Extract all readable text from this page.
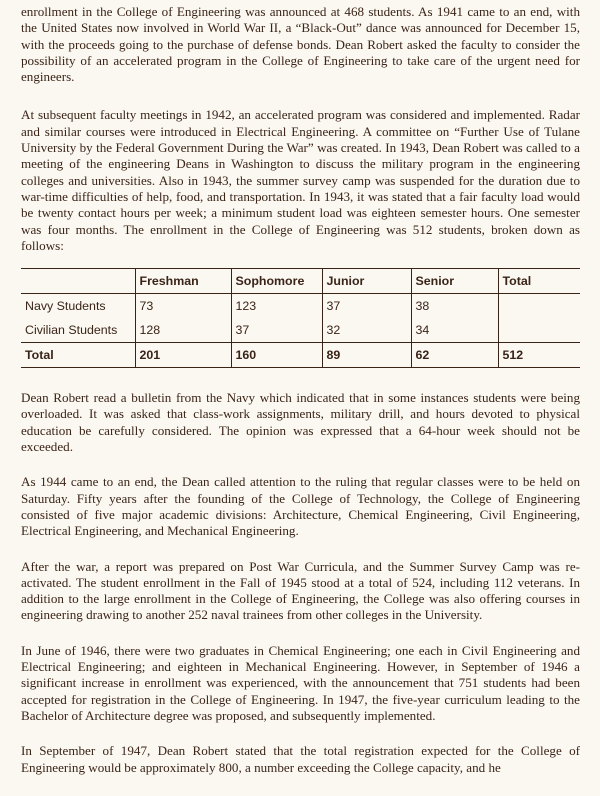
enrollment in the College of Engineering was announced at 468 students. As 1941 came to an end, with the United States now involved in World War II, a “Black-Out” dance was announced for December 15, with the proceeds going to the purchase of defense bonds. Dean Robert asked the faculty to consider the possibility of an accelerated program in the College of Engineering to take care of the urgent need for engineers.

At subsequent faculty meetings in 1942, an accelerated program was considered and implemented. Radar and similar courses were introduced in Electrical Engineering. A committee on “Further Use of Tulane University by the Federal Government During the War” was created. In 1943, Dean Robert was called to a meeting of the engineering Deans in Washington to discuss the military program in the engineering colleges and universities. Also in 1943, the summer survey camp was suspended for the duration due to war-time difficulties of help, food, and transportation. In 1943, it was stated that a fair faculty load would be twenty contact hours per week; a minimum student load was eighteen semester hours. One semester was four months. The enrollment in the College of Engineering was 512 students, broken down as follows:

	Freshman	Sophomore	Junior	Senior	Total
Navy Students	73	123	37	38	
Civilian Students	128	37	32	34	
Total	201	160	89	62	512

Dean Robert read a bulletin from the Navy which indicated that in some instances students were being overloaded. It was asked that class-work assignments, military drill, and hours devoted to physical education be carefully considered. The opinion was expressed that a 64-hour week should not be exceeded.

As 1944 came to an end, the Dean called attention to the ruling that regular classes were to be held on Saturday. Fifty years after the founding of the College of Technology, the College of Engineering consisted of five major academic divisions: Architecture, Chemical Engineering, Civil Engineering, Electrical Engineering, and Mechanical Engineering.

After the war, a report was prepared on Post War Curricula, and the Summer Survey Camp was re-activated. The student enrollment in the Fall of 1945 stood at a total of 524, including 112 veterans. In addition to the large enrollment in the College of Engineering, the College was also offering courses in engineering drawing to another 252 naval trainees from other colleges in the University.

In June of 1946, there were two graduates in Chemical Engineering; one each in Civil Engineering and Electrical Engineering; and eighteen in Mechanical Engineering. However, in September of 1946 a significant increase in enrollment was experienced, with the announcement that 751 students had been accepted for registration in the College of Engineering. In 1947, the five-year curriculum leading to the Bachelor of Architecture degree was proposed, and subsequently implemented.

In September of 1947, Dean Robert stated that the total registration expected for the College of Engineering would be approximately 800, a number exceeding the College capacity, and he
